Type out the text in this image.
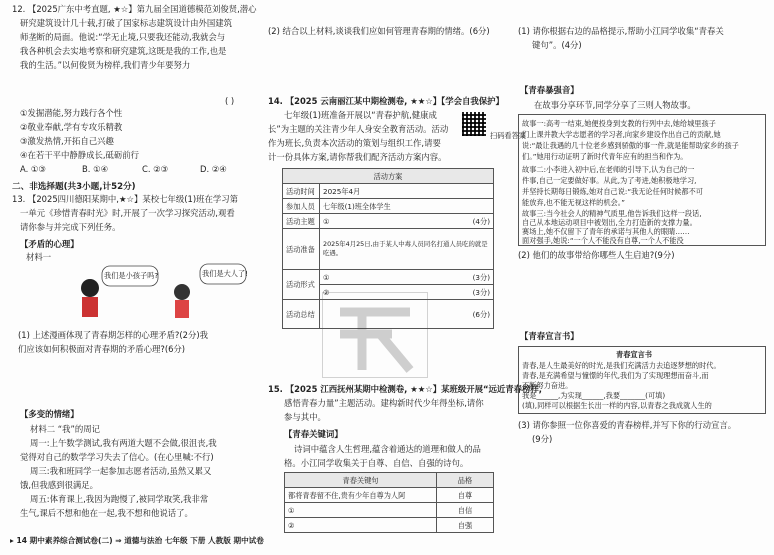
12. 【2025广东中考直题, ★☆】第九届全国道德模范刘俊贤,潜心
研究建筑设计几十载,打破了国家标志建筑设计由外国建筑
师垄断的局面。他说:“学无止境,只要我还能动,我就会与
我各种机会去实地考察和研究建筑,这既是我的工作,也是
我的生活。”以何俊贤为榜样,我们青少年要努力
( )
①发掘潜能,努力践行各个性
②敬业奉献,学有专攻乐精教
③激发热情,开拓自己兴趣
④在若干平中静静成长,砥砺前行
A. ①③	B. ①④	C. ②③	D. ②④
二、非选择题(共3小题,计52分)
13. 【2025四川德阳某期中,★☆】某校七年级(1)班在学习第
一单元《珍惜青春时光》时,开展了一次学习探究活动,观看
请你参与并完成下列任务。
【矛盾的心理】
材料一
我们是小孩子吗?	我们是大人了!
(1) 上述漫画体现了青春期怎样的心理矛盾?(2分)我
们应该如何积极面对青春期的矛盾心理?(6分)
【多变的情绪】
材料二 “我”的周记
周一:上午数学测试,我有两道大题不会做,很沮丧,我
觉得对自己的数学学习失去了信心。(在心里喊:不行)
周三:我和班同学一起参加志愿者活动,虽然又累又
饿,但我感到很满足。
周五:体育课上,我因为跑慢了,被同学取笑,我非常
生气,课后不想和他在一起,我不想和他说话了。
(2) 结合以上材料,谈谈我们应如何管理青春期的情绪。(6分)
14. 【2025 云南丽江某中期检测卷, ★★☆】【学会自我保护】
七年级(1)班准备开展以“青春护航,健康成
长”为主题的关注青少年人身安全教育活动。活动
作为班长,负责本次活动的策划与组织工作,请要
计一份具体方案,请你帮我们配齐活动方案内容。
扫码看答案
活动方案	
活动时间	2025年4月
参加人员	七年级(1)班全体学生
活动主题	① (4分)

活动准备	2025年4月25日,由于某人中毒人员同名打通人员吃的就是吃遇。
活动形式	① (3分)

	② (3分)

活动总结	(6分)
15. 【2025 江西抚州某期中检测卷, ★★☆】某班级开展“远近青春榜样,
感悟青春力量”主题活动。建构新时代少年得坐标,请你
参与其中。
【青春关键词】
诗词中蕴含人生哲理,蕴含着通达的道理和做人的品
格。小江同学收集关于自尊、自信、自强的诗句。
青春关键句	品格
都将青春留不住,贵有少年自尊为人阿	自尊
①	自信
②	自强
(1) 请你根据右边的品格提示,帮助小江同学收集“青春关
键句”。(4分)
【青春暴强音】
在故事分享环节,同学分享了三则人物故事。
故事一:高考一结束,她便投身到支教的行列中去,她给城里孩子
们上课并教大学志愿者的学习者,向家乡建设作出自己的贡献,她
说:“最让我遇的几十位老乡感到骄傲的事一件,就是能帮助家乡的孩子
们。”她用行动证明了新时代青年应有的担当和作为。
故事二:小李进入初中后,在老师的引导下,认为自己的一
件事,自己一定要做好事。从此,为了考进,她积极地学习,
并坚持长期每日锻炼,她对自己说:“我无论任何时候都不可
能放弃,也不能无视这样的机会。”
故事三:当今社会人的精神气质里,他告诉我们这样一段话,
自己从本地运动项目中被划出,全力打造新的支撑力量。
赛场上,她不仅留下了青年的承诺与其他人的眼睛……
面对强手,她说:“一个人不能没有自尊,一个人不能没
(2) 他们的故事带给你哪些人生启迪?(9分)
【青春宣言书】
青春宣言书
青春,是人生最美好的时光,是我们充满活力去追逐梦想的时代。
青春,是充满希望与憧憬的年代,我们为了实现理想而奋斗,而
不断努力奋进。
我是______,为实现______,我要_______(可填)
(填),同样可以根据生长出一样的内容,以青春之我成就人生的
(3) 请你参照一位你喜爱的青春榜样,并写下你的行动宣言。
(9分)
▸ 14 期中素养综合测试卷(二) ⇒ 道德与法治 七年级 下册 人教版 期中试卷
